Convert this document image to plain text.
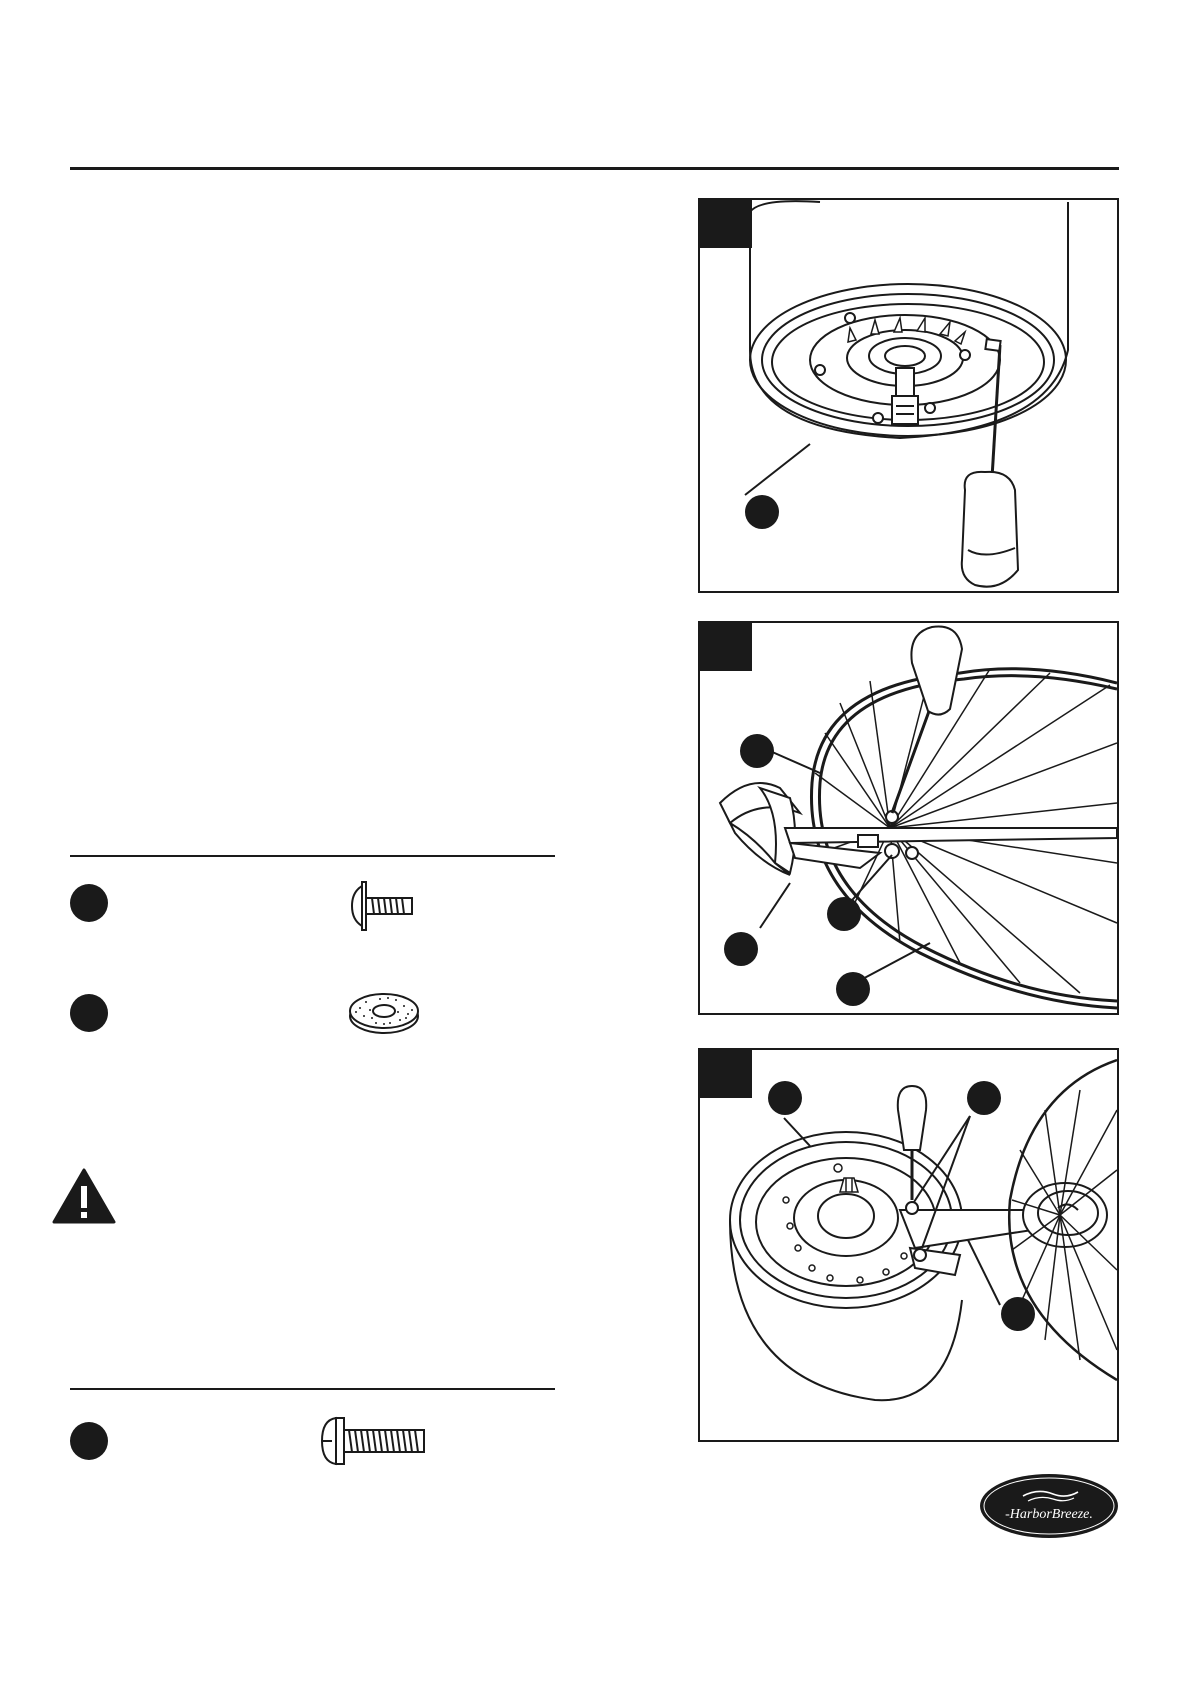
-HarborBreeze.
